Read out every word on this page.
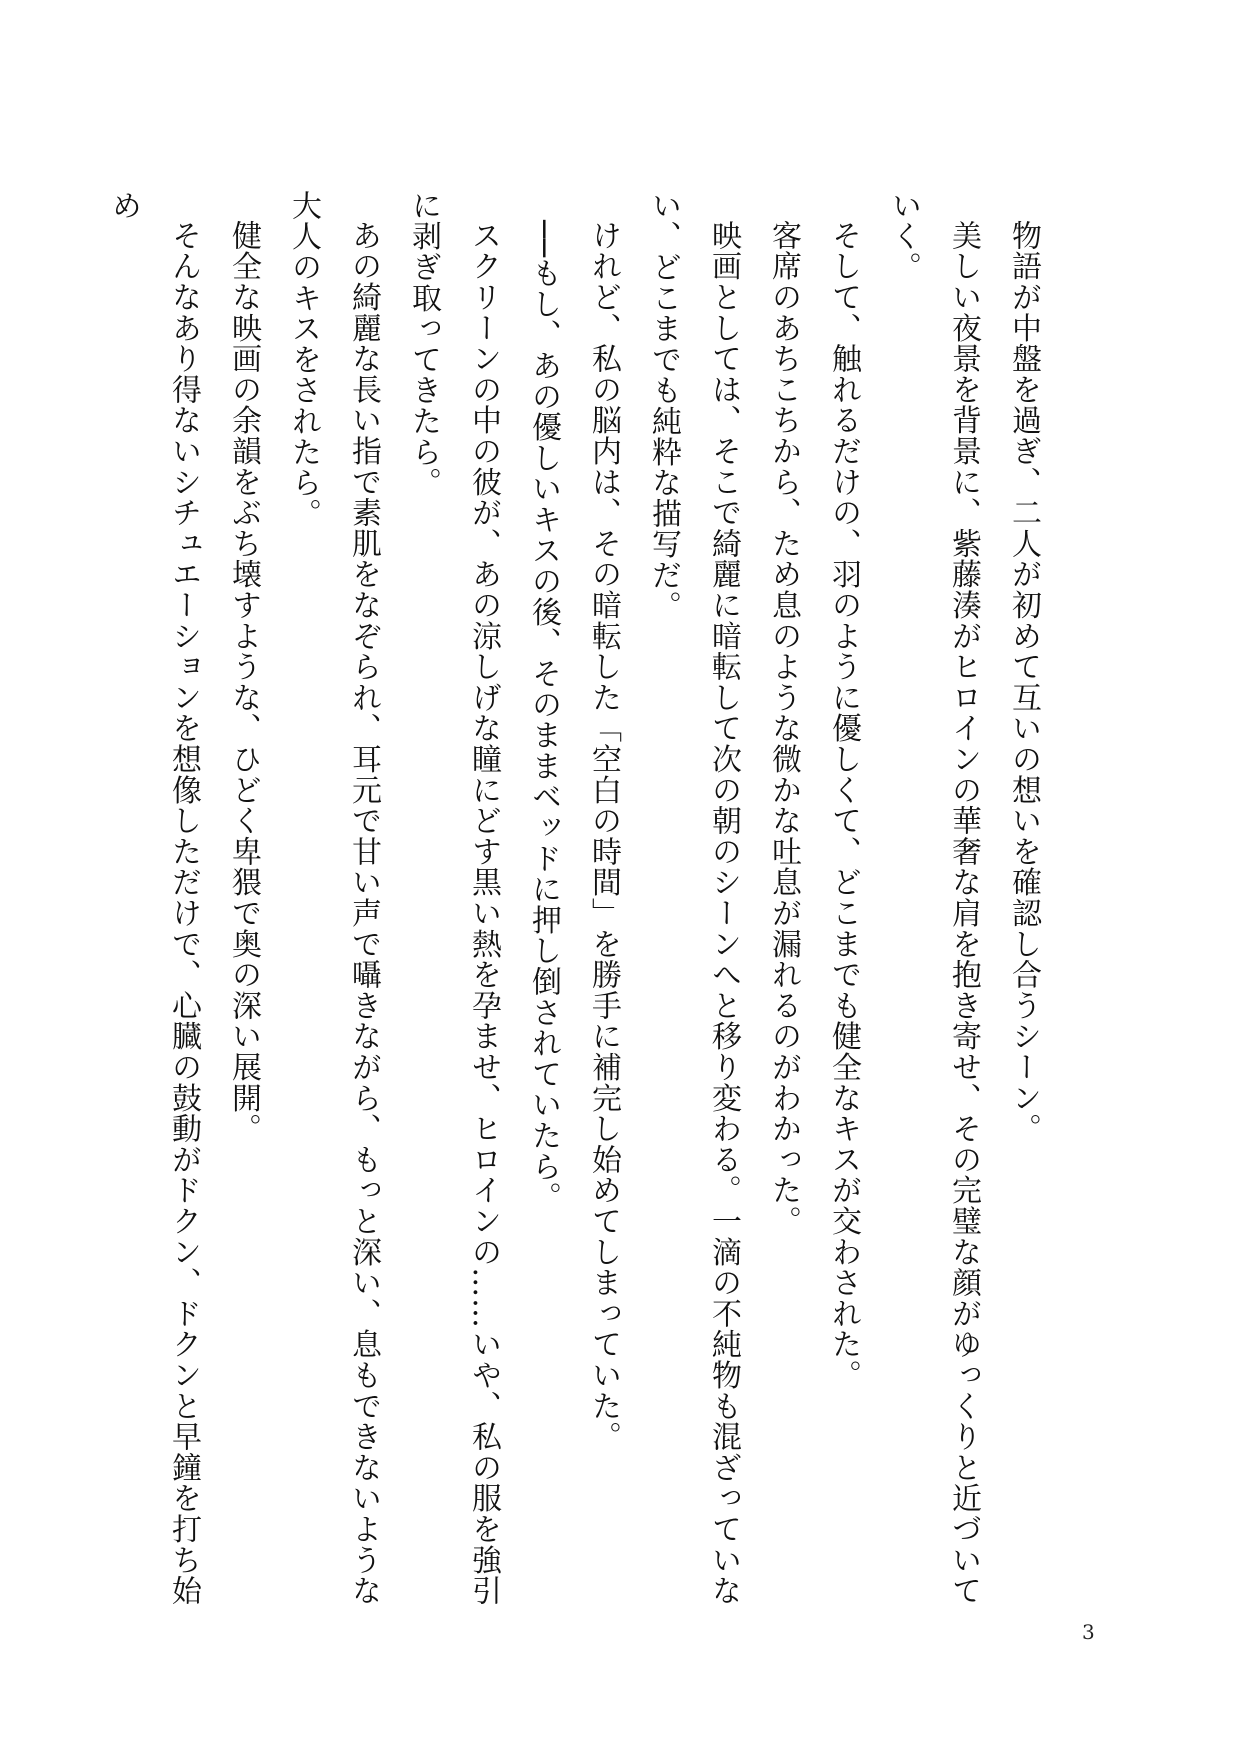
物語が中盤を過ぎ、二人が初めて互いの想いを確認し合うシーン。

美しい夜景を背景に、紫藤湊がヒロインの華奢な肩を抱き寄せ、その完璧な顔がゆっくりと近づいていく。

そして、触れるだけの、羽のように優しくて、どこまでも健全なキスが交わされた。

客席のあちこちから、ため息のような微かな吐息が漏れるのがわかった。

映画としては、そこで綺麗に暗転して次の朝のシーンへと移り変わる。一滴の不純物も混ざっていない、どこまでも純粋な描写だ。

けれど、私の脳内は、その暗転した「空白の時間」を勝手に補完し始めてしまっていた。

──もし、あの優しいキスの後、そのままベッドに押し倒されていたら。

スクリーンの中の彼が、あの涼しげな瞳にどす黒い熱を孕ませ、ヒロインの……いや、私の服を強引に剥ぎ取ってきたら。

あの綺麗な長い指で素肌をなぞられ、耳元で甘い声で囁きながら、もっと深い、息もできないような大人のキスをされたら。

健全な映画の余韻をぶち壊すような、ひどく卑猥で奥の深い展開。

そんなあり得ないシチュエーションを想像しただけで、心臓の鼓動がドクン、ドクンと早鐘を打ち始め

3
